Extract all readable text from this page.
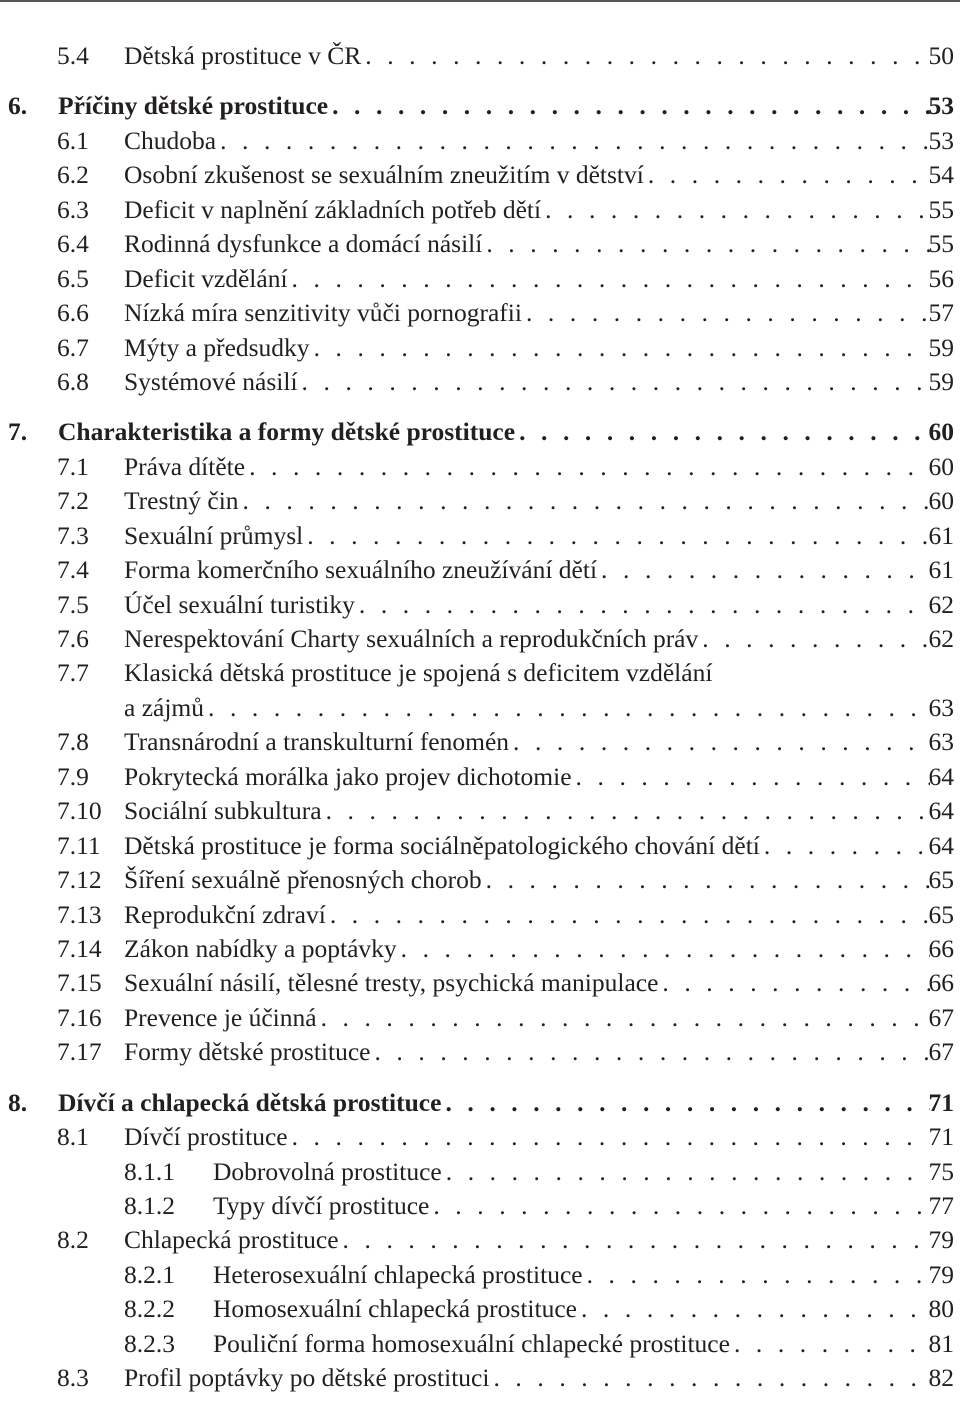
5.4 Dětská prostituce v ČR . . .	50
6. Příčiny dětské prostituce . . .	53
6.1 Chudoba . . .	53
6.2 Osobní zkušenost se sexuálním zneužitím v dětství . . .	54
6.3 Deficit v naplnění základních potřeb dětí . . .	55
6.4 Rodinná dysfunkce a domácí násilí . . .	55
6.5 Deficit vzdělání . . .	56
6.6 Nízká míra senzitivity vůči pornografii . . .	57
6.7 Mýty a předsudky . . .	59
6.8 Systémové násilí . . .	59
7. Charakteristika a formy dětské prostituce . . .	60
7.1 Práva dítěte . . .	60
7.2 Trestný čin . . .	60
7.3 Sexuální průmysl . . .	61
7.4 Forma komerčního sexuálního zneužívání dětí . . .	61
7.5 Účel sexuální turistiky . . .	62
7.6 Nerespektování Charty sexuálních a reprodukčních práv . . .	62
7.7 Klasická dětská prostituce je spojená s deficitem vzdělání
a zájmů . . .	63
7.8 Transnárodní a transkulturní fenomén . . .	63
7.9 Pokrytecká morálka jako projev dichotomie . . .	64
7.10 Sociální subkultura . . .	64
7.11 Dětská prostituce je forma sociálněpatologického chování dětí . . .	64
7.12 Šíření sexuálně přenosných chorob . . .	65
7.13 Reprodukční zdraví . . .	65
7.14 Zákon nabídky a poptávky . . .	66
7.15 Sexuální násilí, tělesné tresty, psychická manipulace . . .	66
7.16 Prevence je účinná . . .	67
7.17 Formy dětské prostituce . . .	67
8. Dívčí a chlapecká dětská prostituce . . .	71
8.1 Dívčí prostituce . . .	71
8.1.1 Dobrovolná prostituce . . .	75
8.1.2 Typy dívčí prostituce . . .	77
8.2 Chlapecká prostituce . . .	79
8.2.1 Heterosexuální chlapecká prostituce . . .	79
8.2.2 Homosexuální chlapecká prostituce . . .	80
8.2.3 Pouliční forma homosexuální chlapecké prostituce . . .	81
8.3 Profil poptávky po dětské prostituci . . .	82
